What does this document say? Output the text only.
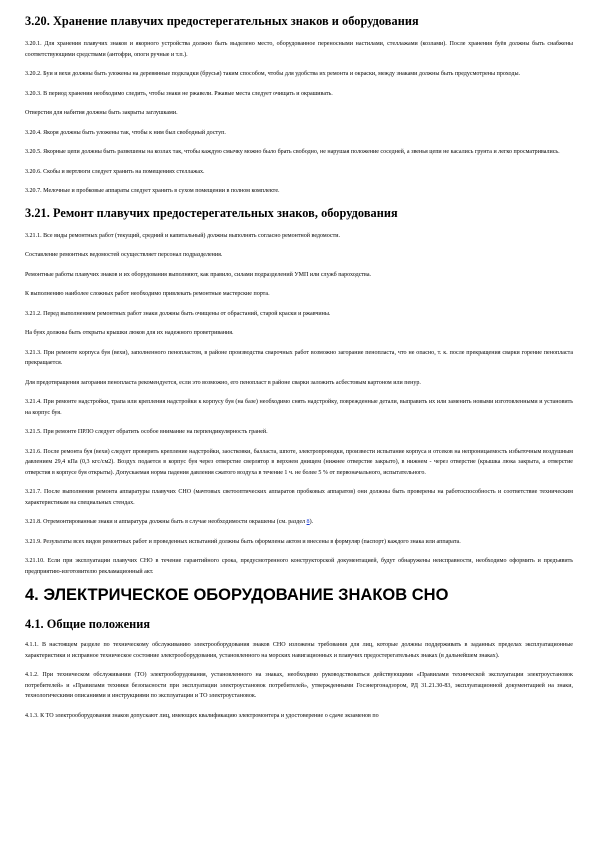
3.20. Хранение плавучих предостерегательных знаков и оборудования

3.20.1. Для хранения плавучих знаков и якорного устройства должно быть выделено место, оборудованное переносными настилами, стеллажами (козлами). После хранения буёв должны быть снабжены соответствующими средствами (антофри, опоги ручные и т.п.).

3.20.2. Буи и вехи должны быть уложены на деревянные подкладки (брусья) таким способом, чтобы для удобства их ремонта и окраски, между знаками должны быть предусмотрены проходы.

3.20.3. В период хранения необходимо следить, чтобы знаки не ржавели. Ржавые места следует очищать и окрашивать.

Отверстия для набития должны быть закрыты заглушками.

3.20.4. Якоря должны быть уложены так, чтобы к ним был свободный доступ.

3.20.5. Якорные цепи должны быть развешены на козлах так, чтобы каждую смычку можно было брать свободно, не нарушая положение соседней, а звенья цепи не касались грунта и легко просматривались.

3.20.6. Скобы и вертлюги следует хранить на помещениях стеллажах.

3.20.7. Мелочные и пробковые аппараты следует хранить в сухом помещении в полном комплекте.

3.21. Ремонт плавучих предостерегательных знаков, оборудования

3.21.1. Все виды ремонтных работ (текущий, средний и капитальный) должны выполнять согласно ремонтной ведомости.

Составление ремонтных ведомостей осуществляет персонал подразделения.

Ремонтные работы плавучих знаков и их оборудования выполняют, как правило, силами подразделений УМП или служб пароходства.

К выполнению наиболее сложных работ необходимо привлекать ремонтные мастерские порта.

3.21.2. Перед выполнением ремонтных работ знаки должны быть очищены от обрастаний, старой краски и ржавчины.

На буях должны быть открыты крышки люков для их надежного проветривания.

3.21.3. При ремонте корпуса буя (вехи), заполненного пенопластом, в районе производства сварочных работ возможно загорание пенопласта, что не опасно, т. к. после прекращения сварки горение пенопласта прекращается.

Для предотвращения загорания пенопласта рекомендуется, если это возможно, его пенопласт в районе сварки заложить асбестовым картоном или пенур.

3.21.4. При ремонте надстройки, трапа или крепления надстройки к корпусу буя (на базе) необходимо снять надстройку, поврежденные детали, выправить их или заменить новыми изготовленными и установить на корпус буя.

3.21.5. При ремонте ПРЛО следует обратить особое внимание на перпендикулярность граней.

3.21.6. После ремонта буя (вехи) следует проверить крепление надстройки, заостковки, балласта, шпоте, электропроводки, произвести испытание корпуса и отсеков на непроницаемость избыточным воздушным давлением 29,4 кПа (0,3 кгс/см2). Воздух подается в корпус буя через отверстие сверлятор в верхнем днищем (нижнее отверстие закрыто), в нижнем - через отверстие (крышка люка закрыта, а отверстие отверстия в корпусе буя открыты). Допускаемая норма падения давления сжатого воздуха в течение 1 ч. не более 5 % от первоначального, испытательного.

3.21.7. После выполнения ремонта аппаратуры плавучих СНО (мачтовых светооптических аппаратов пробковых аппаратов) они должны быть проверены на работоспособность и соответствие техническим характеристикам на специальных стендах.

3.21.8. Отремонтированные знаки и аппаратура должны быть в случае необходимости окрашены (см. раздел 8).

3.21.9. Результаты всех видов ремонтных работ и проведенных испытаний должны быть оформлены актом и внесены в формуляр (паспорт) каждого знака или аппарата.

3.21.10. Если при эксплуатации плавучих СНО в течение гарантийного срока, предусмотренного конструкторской документацией, будут обнаружены неисправности, необходимо оформить и предъявить предприятию-изготовителю рекламационный акт.

4. ЭЛЕКТРИЧЕСКОЕ ОБОРУДОВАНИЕ ЗНАКОВ СНО
4.1. Общие положения

4.1.1. В настоящем разделе по техническому обслуживанию электрооборудования знаков СНО изложены требования для лиц, которые должны поддерживать в заданных пределах эксплуатационные характеристики и исправное техническое состояние электрооборудования, установленного на морских навигационных и плавучих предостерегательных знаках (в дальнейшем знаках).

4.1.2. При техническом обслуживании (ТО) электрооборудования, установленного на знаках, необходимо руководствоваться действующими «Правилами технической эксплуатации электроустановок потребителей» и «Правилами техники безопасности при эксплуатации электроустановок потребителей», утвержденными Госэнергонадзором, РД 31.21.30-83, эксплуатационной документацией на знаки, технологическими описаниями и инструкциями по эксплуатации и ТО электроустановок.

4.1.3. К ТО электрооборудования знаков допускают лиц, имеющих квалификацию электромонтера и удостоверение о сдаче экзаменов по
